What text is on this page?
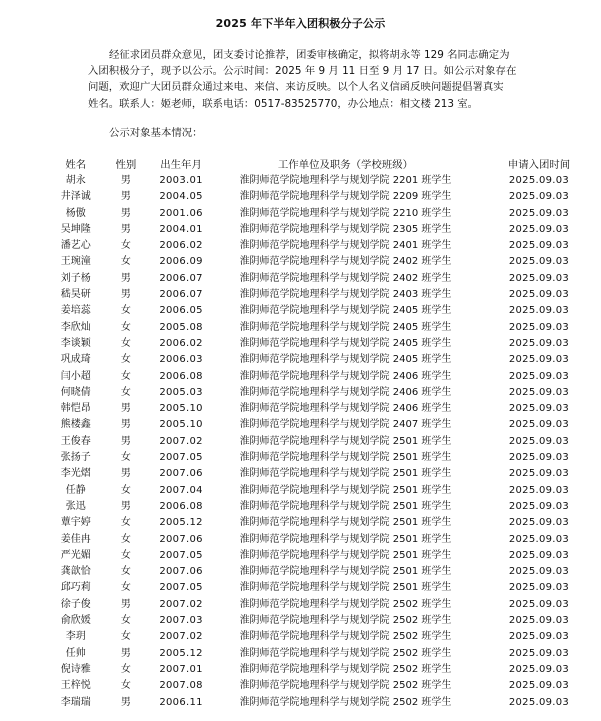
2025 年下半年入团积极分子公示
经征求团员群众意见，团支委讨论推荐，团委审核确定，拟将胡永等 129 名同志确定为
入团积极分子，现予以公示。公示时间：2025 年 9 月 11 日至 9 月 17 日。如公示对象存在
问题，欢迎广大团员群众通过来电、来信、来访反映。以个人名义信函反映问题提倡署真实
姓名。联系人：姬老师，联系电话：0517-83525770，办公地点：相文楼 213 室。
公示对象基本情况：
姓名	性别	出生年月	工作单位及职务（学校班级）	申请入团时间
胡永	男	2003.01	淮阴师范学院地理科学与规划学院 2201 班学生	2025.09.03
井泽诚	男	2004.05	淮阴师范学院地理科学与规划学院 2209 班学生	2025.09.03
杨傲	男	2001.06	淮阴师范学院地理科学与规划学院 2210 班学生	2025.09.03
吴坤隆	男	2004.01	淮阴师范学院地理科学与规划学院 2305 班学生	2025.09.03
潘艺心	女	2006.02	淮阴师范学院地理科学与规划学院 2401 班学生	2025.09.03
王琬潼	女	2006.09	淮阴师范学院地理科学与规划学院 2402 班学生	2025.09.03
刘子杨	男	2006.07	淮阴师范学院地理科学与规划学院 2402 班学生	2025.09.03
嵇昊研	男	2006.07	淮阴师范学院地理科学与规划学院 2403 班学生	2025.09.03
姜培蕊	女	2006.05	淮阴师范学院地理科学与规划学院 2405 班学生	2025.09.03
李欣灿	女	2005.08	淮阴师范学院地理科学与规划学院 2405 班学生	2025.09.03
李谈颖	女	2006.02	淮阴师范学院地理科学与规划学院 2405 班学生	2025.09.03
巩成琦	女	2006.03	淮阴师范学院地理科学与规划学院 2405 班学生	2025.09.03
闫小超	女	2006.08	淮阴师范学院地理科学与规划学院 2406 班学生	2025.09.03
何晓倩	女	2005.03	淮阴师范学院地理科学与规划学院 2406 班学生	2025.09.03
韩恺昂	男	2005.10	淮阴师范学院地理科学与规划学院 2406 班学生	2025.09.03
熊楼鑫	男	2005.10	淮阴师范学院地理科学与规划学院 2407 班学生	2025.09.03
王俊春	男	2007.02	淮阴师范学院地理科学与规划学院 2501 班学生	2025.09.03
张扬子	女	2007.05	淮阴师范学院地理科学与规划学院 2501 班学生	2025.09.03
李光熠	男	2007.06	淮阴师范学院地理科学与规划学院 2501 班学生	2025.09.03
任静	女	2007.04	淮阴师范学院地理科学与规划学院 2501 班学生	2025.09.03
张迅	男	2006.08	淮阴师范学院地理科学与规划学院 2501 班学生	2025.09.03
蕈宇婷	女	2005.12	淮阴师范学院地理科学与规划学院 2501 班学生	2025.09.03
姜佳冉	女	2007.06	淮阴师范学院地理科学与规划学院 2501 班学生	2025.09.03
严光媚	女	2007.05	淮阴师范学院地理科学与规划学院 2501 班学生	2025.09.03
龚歆恰	女	2007.06	淮阴师范学院地理科学与规划学院 2501 班学生	2025.09.03
邱巧莉	女	2007.05	淮阴师范学院地理科学与规划学院 2501 班学生	2025.09.03
徐子俊	男	2007.02	淮阴师范学院地理科学与规划学院 2502 班学生	2025.09.03
俞欣媛	女	2007.03	淮阴师范学院地理科学与规划学院 2502 班学生	2025.09.03
李玥	女	2007.02	淮阴师范学院地理科学与规划学院 2502 班学生	2025.09.03
任帅	男	2005.12	淮阴师范学院地理科学与规划学院 2502 班学生	2025.09.03
倪诗雅	女	2007.01	淮阴师范学院地理科学与规划学院 2502 班学生	2025.09.03
王梓悦	女	2007.08	淮阴师范学院地理科学与规划学院 2502 班学生	2025.09.03
李瑞瑞	男	2006.11	淮阴师范学院地理科学与规划学院 2502 班学生	2025.09.03
